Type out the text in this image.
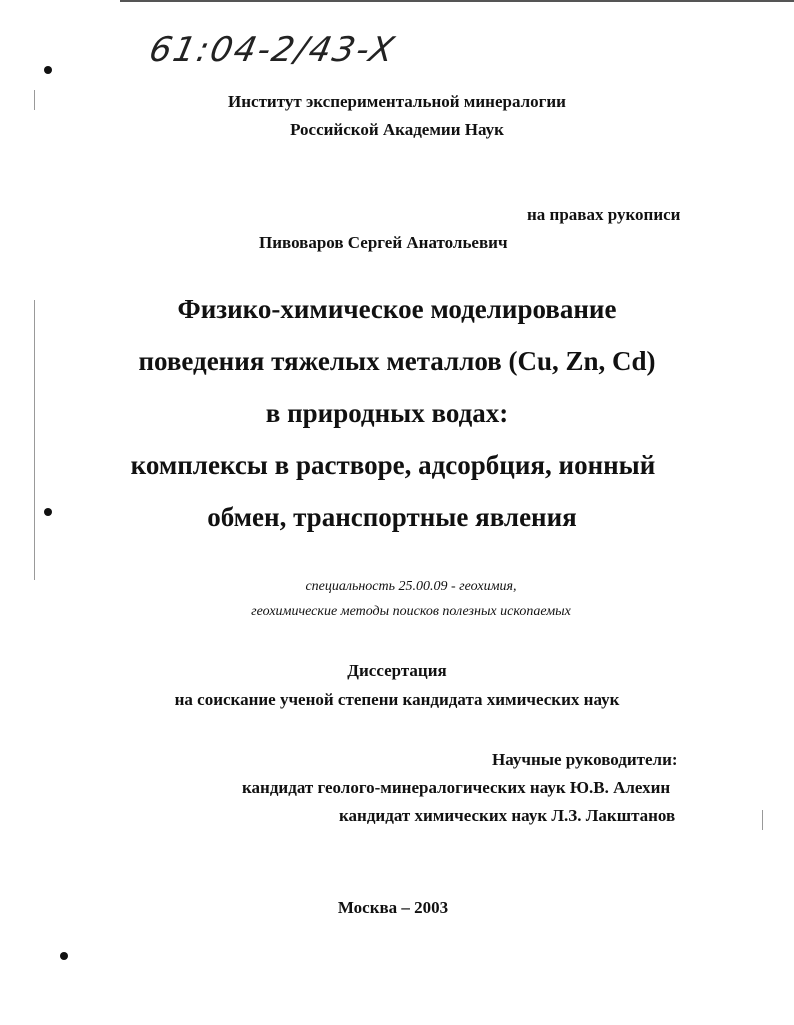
61:04-2/43-X
Институт экспериментальной минералогии
Российской Академии Наук
на правах рукописи
Пивоваров Сергей Анатольевич
Физико-химическое моделирование
поведения тяжелых металлов (Cu, Zn, Cd)
в природных водах:
комплексы в растворе, адсорбция, ионный
обмен, транспортные явления
специальность 25.00.09 - геохимия,
геохимические методы поисков полезных ископаемых
Диссертация
на соискание ученой степени кандидата химических наук
Научные руководители:
кандидат геолого-минералогических наук Ю.В. Алехин
кандидат химических наук Л.З. Лакштанов
Москва – 2003
